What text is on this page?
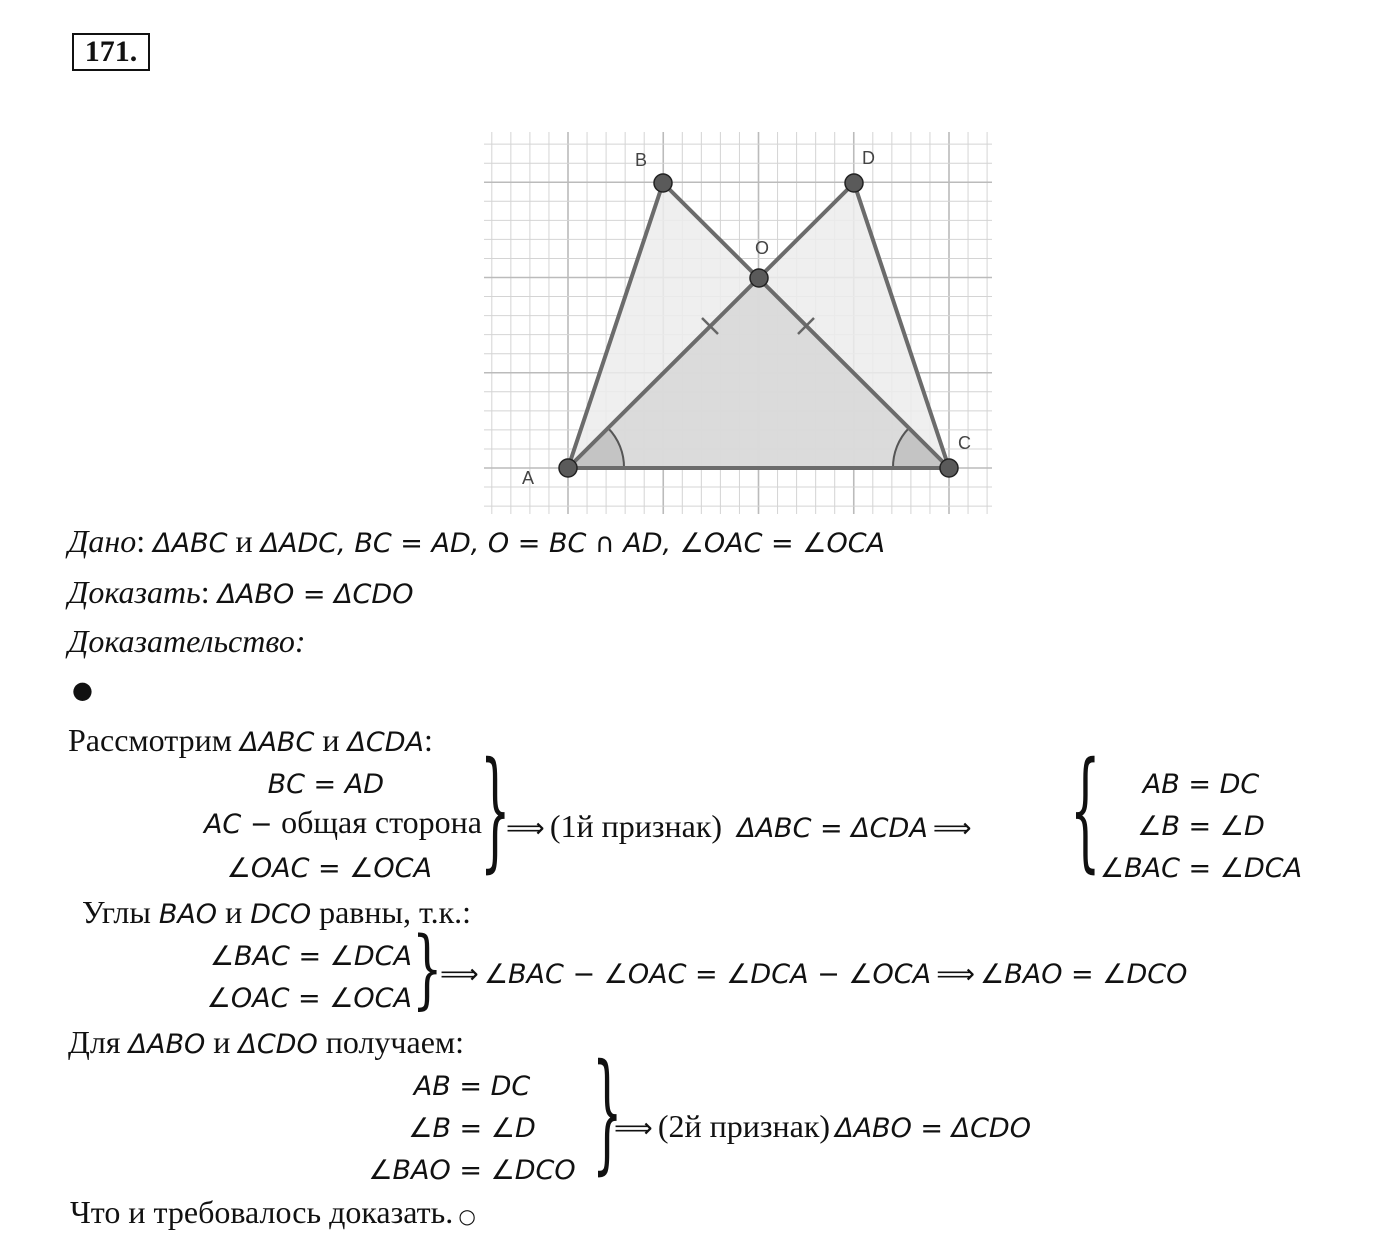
171.
A
B
C
D
O
Дано: ΔABC и ΔADC, BC = AD, O = BC ∩ AD, ∠OAC = ∠OCA
Доказать: ΔABO = ΔCDO
Доказательство:
●
Рассмотрим ΔABC и ΔCDA:
BC = AD
AC − общая сторона
∠OAC = ∠OCA	}
⟹ (1й признак) ΔABC = ΔCDA ⟹ {	AB = DC
∠B = ∠D
∠BAC = ∠DCA
Углы BAO и DCO равны, т.к.:
∠BAC = ∠DCA
∠OAC = ∠OCA }
⟹ ∠BAC − ∠OAC = ∠DCA − ∠OCA ⟹ ∠BAO = ∠DCO
Для ΔABO и ΔCDO получаем:
AB = DC
∠B = ∠D
∠BAO = ∠DCO }
⟹ (2й признак) ΔABO = ΔCDO
Что и требовалось доказать. ○
